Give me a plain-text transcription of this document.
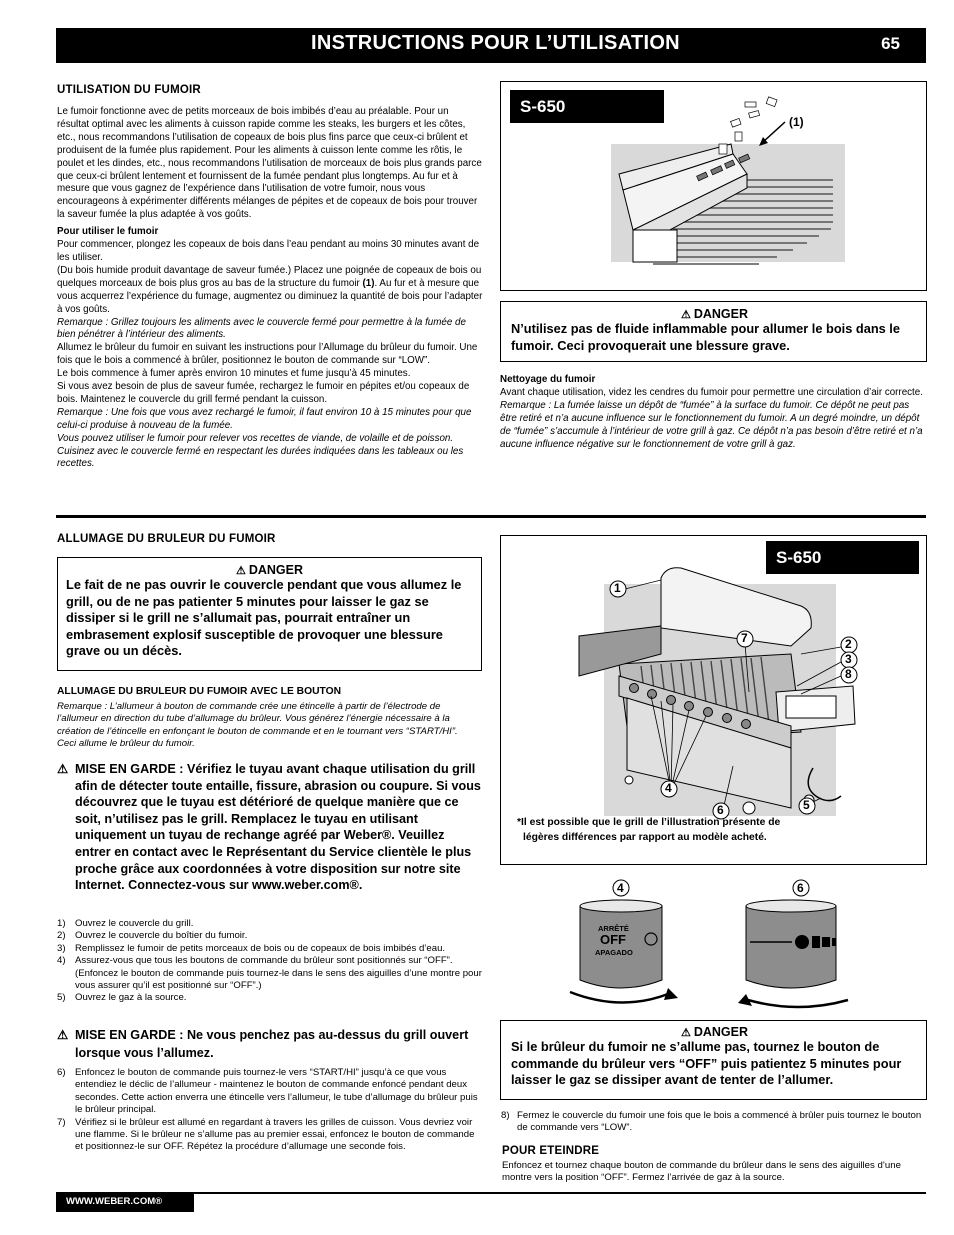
INSTRUCTIONS POUR L’UTILISATION	65
UTILISATION DU FUMOIR

Le fumoir fonctionne avec de petits morceaux de bois imbibés d’eau au préalable. Pour un résultat optimal avec les aliments à cuisson rapide comme les steaks, les burgers et les côtes, etc., nous recommandons l’utilisation de copeaux de bois plus fins parce que ceux-ci brûlent et produisent de la fumée plus rapidement. Pour les aliments à cuisson lente comme les rôtis, le poulet et les dindes, etc., nous recommandons l’utilisation de morceaux de bois plus grands parce que ceux-ci brûlent lentement et fournissent de la fumée pendant plus longtemps. Au fur et à mesure que vous gagnez de l’expérience dans l’utilisation de votre fumoir, nous vous encourageons à expérimenter différents mélanges de pépites et de copeaux de bois pour trouver la saveur fumée la plus adaptée à vos goûts.

Pour utiliser le fumoir

Pour commencer, plongez les copeaux de bois dans l’eau pendant au moins 30 minutes avant de les utiliser.

(Du bois humide produit davantage de saveur fumée.) Placez une poignée de copeaux de bois ou quelques morceaux de bois plus gros au bas de la structure du fumoir (1). Au fur et à mesure que vous acquerrez l’expérience du fumage, augmentez ou diminuez la quantité de bois pour l’adapter à vos goûts.

Remarque : Grillez toujours les aliments avec le couvercle fermé pour permettre à la fumée de bien pénétrer à l’intérieur des aliments.

Allumez le brûleur du fumoir en suivant les instructions pour l’Allumage du brûleur du fumoir. Une fois que le bois a commencé à brûler, positionnez le bouton de commande sur “LOW”.

Le bois commence à fumer après environ 10 minutes et fume jusqu’à 45 minutes.

Si vous avez besoin de plus de saveur fumée, rechargez le fumoir en pépites et/ou copeaux de bois. Maintenez le couvercle du grill fermé pendant la cuisson.

Remarque : Une fois que vous avez rechargé le fumoir, il faut environ 10 à 15 minutes pour que celui-ci produise à nouveau de la fumée.

Vous pouvez utiliser le fumoir pour relever vos recettes de viande, de volaille et de poisson. Cuisinez avec le couvercle fermé en respectant les durées indiquées dans les tableaux ou les recettes.

S-650
(1)
⚠ DANGER
N’utilisez pas de fluide inflammable pour allumer le bois dans le fumoir. Ceci provoquerait une blessure grave.

Nettoyage du fumoir

Avant chaque utilisation, videz les cendres du fumoir pour permettre une circulation d’air correcte.

Remarque : La fumée laisse un dépôt de “fumée” à la surface du fumoir. Ce dépôt ne peut pas être retiré et n’a aucune influence sur le fonctionnement du fumoir. A un degré moindre, un dépôt de “fumée” s’accumule à l’intérieur de votre grill à gaz. Ce dépôt n’a pas besoin d’être retiré et n’a aucune influence négative sur le fonctionnement de votre grill à gaz.

ALLUMAGE DU BRULEUR DU FUMOIR
⚠ DANGER
Le fait de ne pas ouvrir le couvercle pendant que vous allumez le grill, ou de ne pas patienter 5 minutes pour laisser le gaz se dissiper si le grill ne s’allumait pas, pourrait entraîner un embrasement explosif susceptible de provoquer une blessure grave ou un décès.
ALLUMAGE DU BRULEUR DU FUMOIR AVEC LE BOUTON
Remarque : L’allumeur à bouton de commande crée une étincelle à partir de l’électrode de l’allumeur en direction du tube d’allumage du brûleur. Vous générez l’énergie nécessaire à la création de l’étincelle en enfonçant le bouton de commande et en le tournant vers “START/HI”. Ceci allume le brûleur du fumoir.
⚠ MISE EN GARDE : Vérifiez le tuyau avant chaque utilisation du grill afin de détecter toute entaille, fissure, abrasion ou coupure. Si vous découvrez que le tuyau est détérioré de quelque manière que ce soit, n’utilisez pas le grill. Remplacez le tuyau en utilisant uniquement un tuyau de rechange agréé par Weber®. Veuillez entrer en contact avec le Représentant du Service clientèle le plus proche grâce aux coordonnées à votre disposition sur notre site Internet. Connectez-vous sur www.weber.com®.
1) Ouvrez le couvercle du grill.
2) Ouvrez le couvercle du boîtier du fumoir.
3) Remplissez le fumoir de petits morceaux de bois ou de copeaux de bois imbibés d’eau.
4) Assurez-vous que tous les boutons de commande du brûleur sont positionnés sur “OFF”. (Enfoncez le bouton de commande puis tournez-le dans le sens des aiguilles d’une montre pour vous assurer qu’il est positionné sur “OFF”.)
5) Ouvrez le gaz à la source.
⚠ MISE EN GARDE : Ne vous penchez pas au-dessus du grill ouvert lorsque vous l’allumez.
6) Enfoncez le bouton de commande puis tournez-le vers “START/HI” jusqu’à ce que vous entendiez le déclic de l’allumeur - maintenez le bouton de commande enfoncé pendant deux secondes. Cette action enverra une étincelle vers l’allumeur, le tube d’allumage du brûleur puis le brûleur principal.
7) Vérifiez si le brûleur est allumé en regardant à travers les grilles de cuisson. Vous devriez voir une flamme. Si le brûleur ne s’allume pas au premier essai, enfoncez le bouton de commande et positionnez-le sur OFF. Répétez la procédure d’allumage une seconde fois.
S-650
1
2
3
8
7
4
6	5
*Il est possible que le grill de l’illustration présente de légères différences par rapport au modèle acheté.
4
ARRÊTÉ
OFF
APAGADO
6
⚠ DANGER
Si le brûleur du fumoir ne s’allume pas, tournez le bouton de commande du brûleur vers “OFF” puis patientez 5 minutes pour laisser le gaz se dissiper avant de tenter de l’allumer.
8) Fermez le couvercle du fumoir une fois que le bois a commencé à brûler puis tournez le bouton de commande vers “LOW”.
POUR ETEINDRE
Enfoncez et tournez chaque bouton de commande du brûleur dans le sens des aiguilles d’une montre vers la position “OFF”. Fermez l’arrivée de gaz à la source.
WWW.WEBER.COM®
